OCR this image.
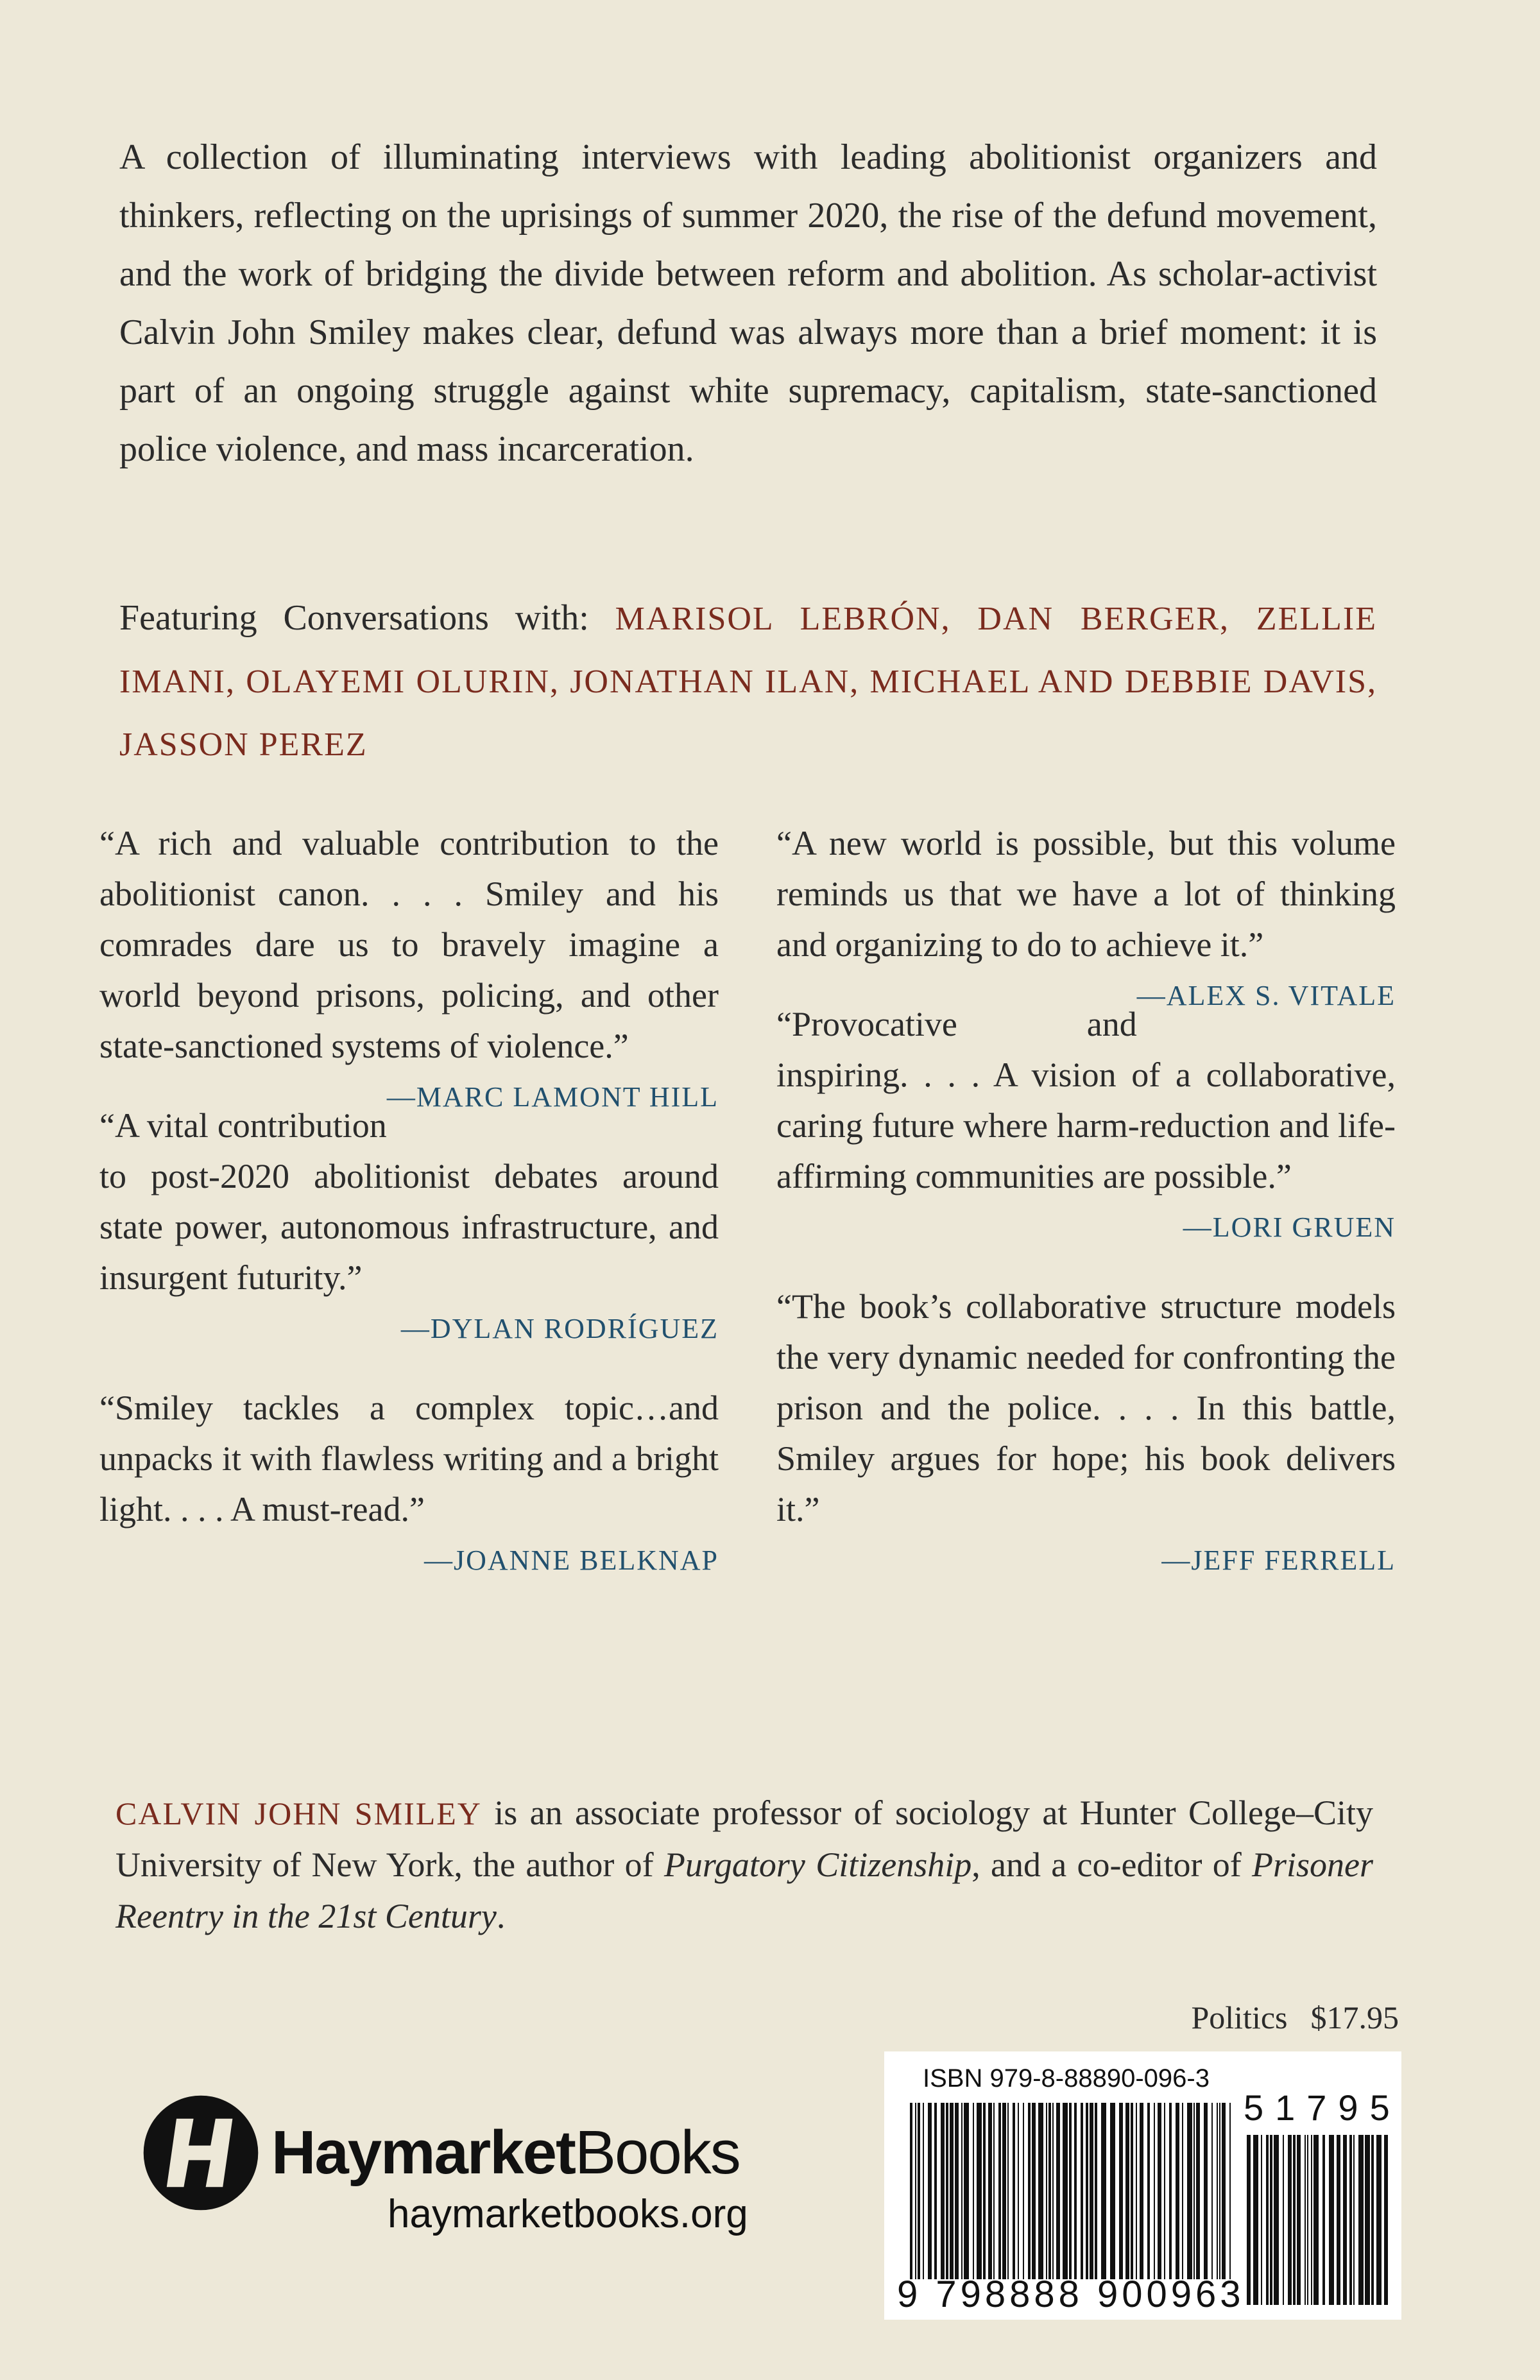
A collection of illuminating interviews with leading abolitionist organizers and thinkers, reflecting on the uprisings of summer 2020, the rise of the defund movement, and the work of bridging the divide between reform and abolition. As scholar-activist Calvin John Smiley makes clear, defund was always more than a brief moment: it is part of an ongoing struggle against white supremacy, capitalism, state-sanctioned police violence, and mass incarceration.

Featuring Conversations with: MARISOL LEBRÓN, DAN BERGER, ZELLIE IMANI, OLAYEMI OLURIN, JONATHAN ILAN, MICHAEL AND DEBBIE DAVIS, JASSON PEREZ

“A rich and valuable contribution to the abolitionist canon. . . . Smiley and his comrades dare us to bravely imagine a world beyond prisons, policing, and other state-sanctioned systems of violence.”
—MARC LAMONT HILL
“A vital contribution to post-2020 abolitionist debates around state power, autonomous infrastructure, and insurgent futurity.”
—DYLAN RODRÍGUEZ
“Smiley tackles a complex topic…and unpacks it with flawless writing and a bright light. . . . A must-read.”
—JOANNE BELKNAP
“A new world is possible, but this volume reminds us that we have a lot of thinking and organizing to do to achieve it.”
—ALEX S. VITALE
“Provocative and inspiring. . . . A vision of a collaborative, caring future where harm-reduction and life-affirming communities are possible.”
—LORI GRUEN
“The book’s collaborative structure models the very dynamic needed for confronting the prison and the police. . . . In this battle, Smiley argues for hope; his book delivers it.”
—JEFF FERRELL

CALVIN JOHN SMILEY is an associate professor of sociology at Hunter College–City University of New York, the author of Purgatory Citizenship, and a co-editor of Prisoner Reentry in the 21st Century.

Politics $17.95
HaymarketBooks
haymarketbooks.org
ISBN 979-8-88890-096-3
51795
9 798888 900963
